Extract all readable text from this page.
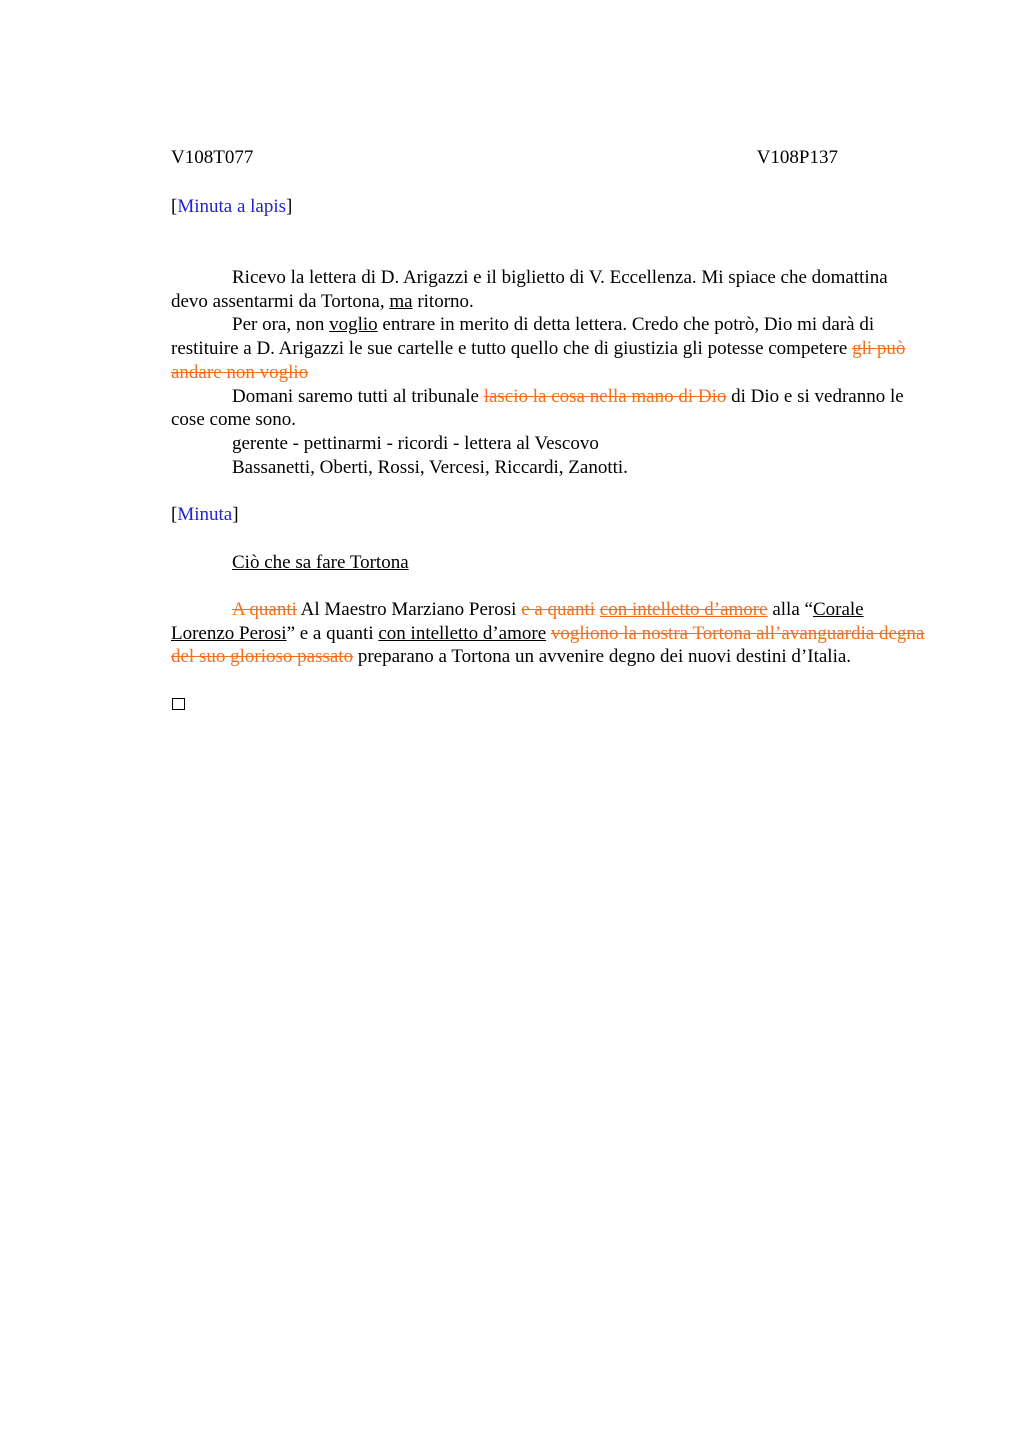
V108T077	V108P137
[Minuta a lapis]

Ricevo la lettera di D. Arigazzi e il biglietto di V. Eccellenza. Mi spiace che domattina devo assentarmi da Tortona, ma ritorno.

Per ora, non voglio entrare in merito di detta lettera. Credo che potrò, Dio mi darà di restituire a D. Arigazzi le sue cartelle e tutto quello che di giustizia gli potesse competere gli può andare non voglio

Domani saremo tutti al tribunale lascio la cosa nella mano di Dio di Dio e si vedranno le cose come sono.

gerente - pettinarmi - ricordi - lettera al Vescovo

Bassanetti, Oberti, Rossi, Vercesi, Riccardi, Zanotti.

[Minuta]
Ciò che sa fare Tortona

A quanti Al Maestro Marziano Perosi e a quanti con intelletto d’amore alla “Corale Lorenzo Perosi” e a quanti con intelletto d’amore vogliono la nostra Tortona all’avanguardia degna del suo glorioso passato preparano a Tortona un avvenire degno dei nuovi destini d’Italia.
